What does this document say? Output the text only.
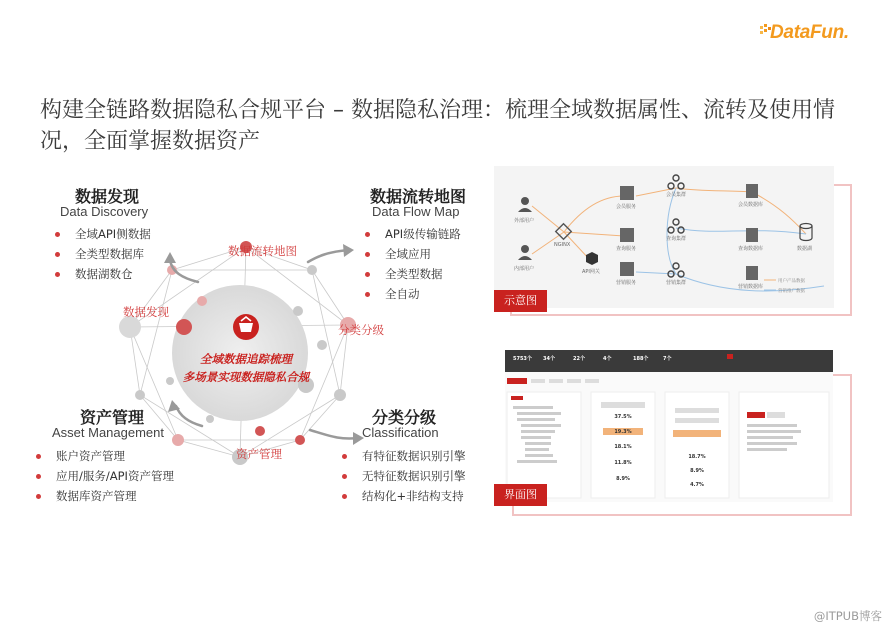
DataFun.
构建全链路数据隐私合规平台 – 数据隐私治理：梳理全域数据属性、流转及使用情况，全面掌握数据资产
全域数据追踪梳理
多场景实现数据隐私合规
数据流转地图
数据发现
分类分级
资产管理
数据发现
Data Discovery
全域API侧数据
全类型数据库
数据湖数仓
数据流转地图
Data Flow Map
API级传输链路
全域应用
全类型数据
全自动
资产管理
Asset Management
账户资产管理
应用/服务/API资产管理
数据库资产管理
分类分级
Classification
有特征数据识别引擎
无特征数据识别引擎
结构化+非结构支持
外部用户
内部用户
NGINX
API网关
会员服务
查询服务
营销服务
会员集群
查询集群
营销集群
会员数据库
查询数据库
营销数据库
数据湖
用户产品数据
营销推广数据
示意图
5753个 34个	22个	4个	188个	7个
37.5%
19.3%
18.1%
11.8%
8.9%
18.7%
8.9%
4.7%
界面图
@ITPUB博客
